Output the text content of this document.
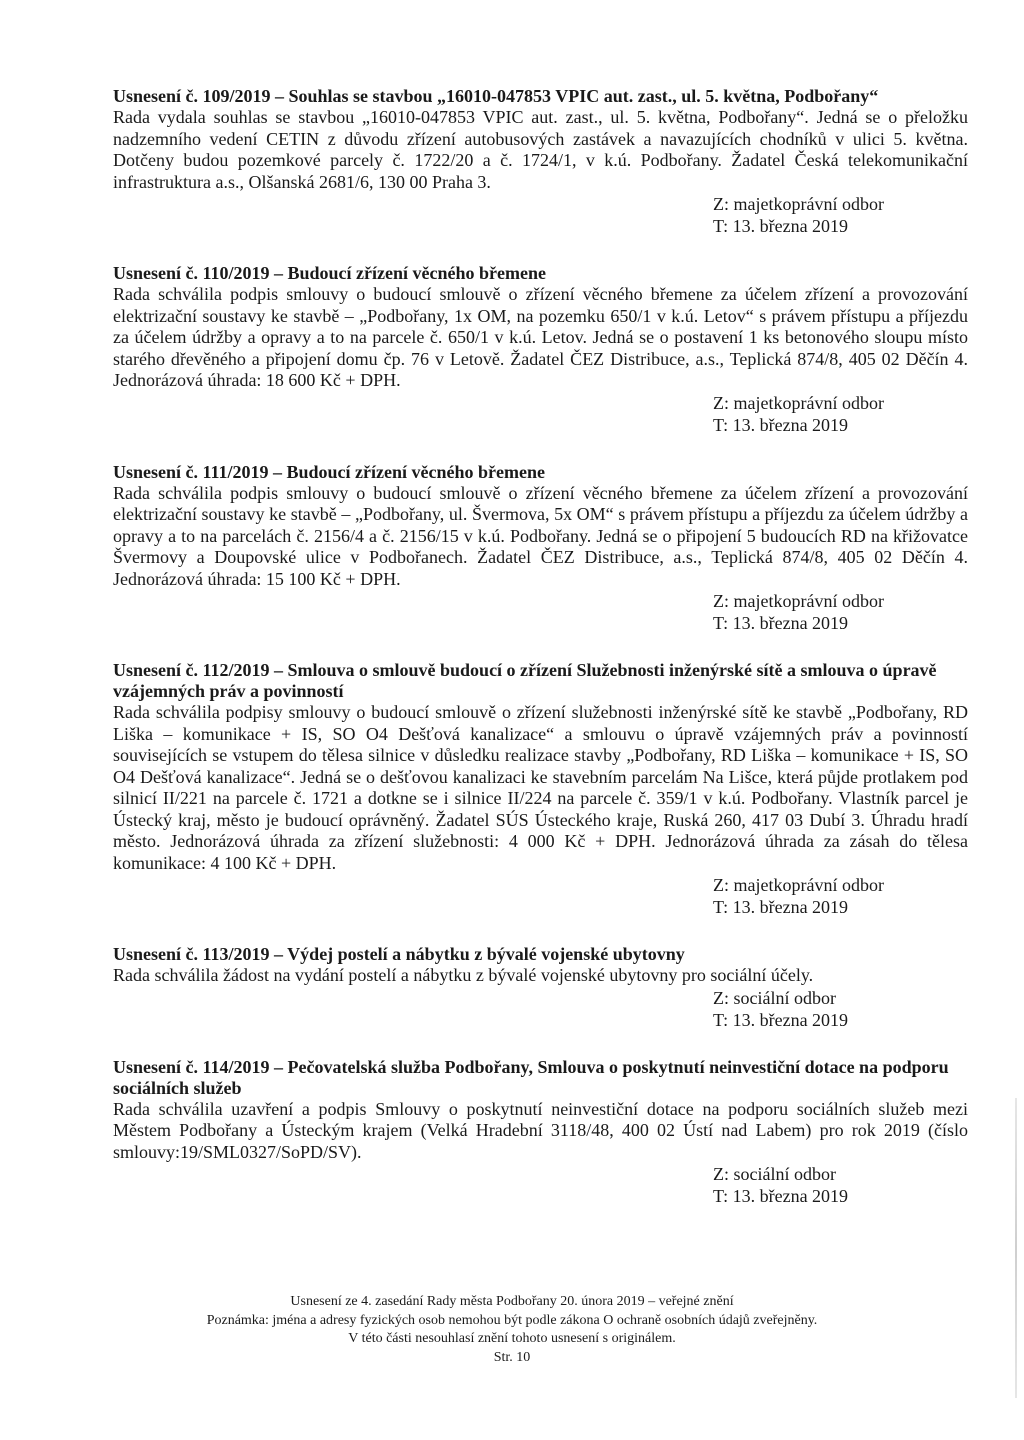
Usnesení č. 109/2019 – Souhlas se stavbou „16010-047853 VPIC aut. zast., ul. 5. května, Podbořany“

Rada vydala souhlas se stavbou „16010-047853 VPIC aut. zast., ul. 5. května, Podbořany“. Jedná se o přeložku nadzemního vedení CETIN z důvodu zřízení autobusových zastávek a navazujících chodníků v ulici 5. května. Dotčeny budou pozemkové parcely č. 1722/20 a č. 1724/1, v k.ú. Podbořany. Žadatel Česká telekomunikační infrastruktura a.s., Olšanská 2681/6, 130 00 Praha 3.

Z: majetkoprávní odbor
T: 13. března 2019

Usnesení č. 110/2019 – Budoucí zřízení věcného břemene

Rada schválila podpis smlouvy o budoucí smlouvě o zřízení věcného břemene za účelem zřízení a provozování elektrizační soustavy ke stavbě – „Podbořany, 1x OM, na pozemku 650/1 v k.ú. Letov“ s právem přístupu a příjezdu za účelem údržby a opravy a to na parcele č. 650/1 v k.ú. Letov. Jedná se o postavení 1 ks betonového sloupu místo starého dřevěného a připojení domu čp. 76 v Letově. Žadatel ČEZ Distribuce, a.s., Teplická 874/8, 405 02 Děčín 4. Jednorázová úhrada: 18 600 Kč + DPH.

Z: majetkoprávní odbor
T: 13. března 2019

Usnesení č. 111/2019 – Budoucí zřízení věcného břemene

Rada schválila podpis smlouvy o budoucí smlouvě o zřízení věcného břemene za účelem zřízení a provozování elektrizační soustavy ke stavbě – „Podbořany, ul. Švermova, 5x OM“ s právem přístupu a příjezdu za účelem údržby a opravy a to na parcelách č. 2156/4 a č. 2156/15 v k.ú. Podbořany. Jedná se o připojení 5 budoucích RD na křižovatce Švermovy a Doupovské ulice v Podbořanech. Žadatel ČEZ Distribuce, a.s., Teplická 874/8, 405 02 Děčín 4. Jednorázová úhrada: 15 100 Kč + DPH.

Z: majetkoprávní odbor
T: 13. března 2019

Usnesení č. 112/2019 – Smlouva o smlouvě budoucí o zřízení Služebnosti inženýrské sítě a smlouva o úpravě vzájemných práv a povinností

Rada schválila podpisy smlouvy o budoucí smlouvě o zřízení služebnosti inženýrské sítě ke stavbě „Podbořany, RD Liška – komunikace + IS, SO O4 Dešťová kanalizace“ a smlouvu o úpravě vzájemných práv a povinností souvisejících se vstupem do tělesa silnice v důsledku realizace stavby „Podbořany, RD Liška – komunikace + IS, SO O4 Dešťová kanalizace“. Jedná se o dešťovou kanalizaci ke stavebním parcelám Na Lišce, která půjde protlakem pod silnicí II/221 na parcele č. 1721 a dotkne se i silnice II/224 na parcele č. 359/1 v k.ú. Podbořany. Vlastník parcel je Ústecký kraj, město je budoucí oprávněný. Žadatel SÚS Ústeckého kraje, Ruská 260, 417 03 Dubí 3. Úhradu hradí město. Jednorázová úhrada za zřízení služebnosti: 4 000 Kč + DPH. Jednorázová úhrada za zásah do tělesa komunikace: 4 100 Kč + DPH.

Z: majetkoprávní odbor
T: 13. března 2019

Usnesení č. 113/2019 – Výdej postelí a nábytku z bývalé vojenské ubytovny

Rada schválila žádost na vydání postelí a nábytku z bývalé vojenské ubytovny pro sociální účely.

Z: sociální odbor
T: 13. března 2019

Usnesení č. 114/2019 – Pečovatelská služba Podbořany, Smlouva o poskytnutí neinvestiční dotace na podporu sociálních služeb

Rada schválila uzavření a podpis Smlouvy o poskytnutí neinvestiční dotace na podporu sociálních služeb mezi Městem Podbořany a Ústeckým krajem (Velká Hradební 3118/48, 400 02 Ústí nad Labem) pro rok 2019 (číslo smlouvy:19/SML0327/SoPD/SV).

Z: sociální odbor
T: 13. března 2019
Usnesení ze 4. zasedání Rady města Podbořany 20. února 2019 – veřejné znění
Poznámka: jména a adresy fyzických osob nemohou být podle zákona O ochraně osobních údajů zveřejněny.
V této části nesouhlasí znění tohoto usnesení s originálem.
Str. 10
